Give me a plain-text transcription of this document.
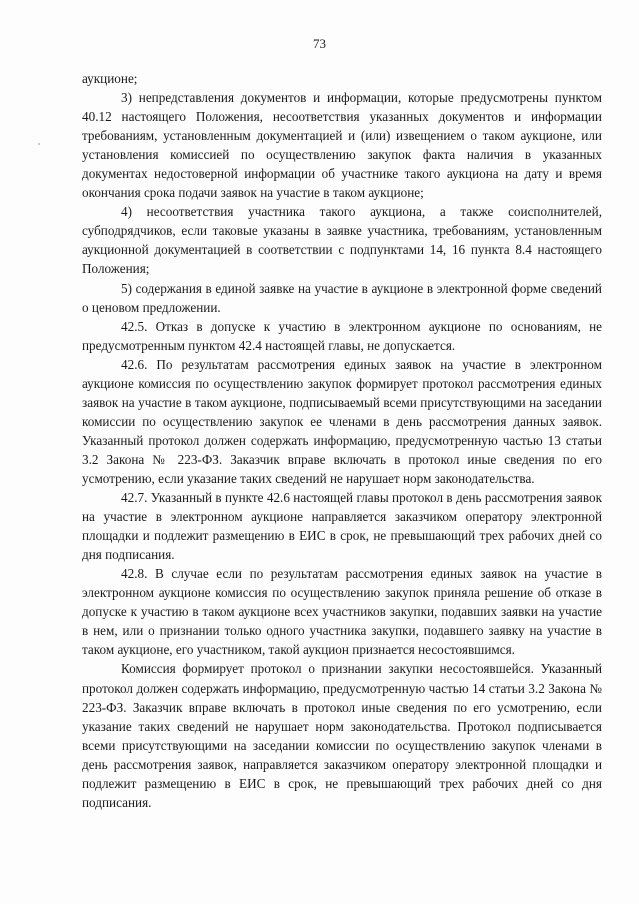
73

аукционе;

3) непредставления документов и информации, которые предусмотрены пунктом 40.12 настоящего Положения, несоответствия указанных документов и информации требованиям, установленным документацией и (или) извещением о таком аукционе, или установления комиссией по осуществлению закупок факта наличия в указанных документах недостоверной информации об участнике такого аукциона на дату и время окончания срока подачи заявок на участие в таком аукционе;

4) несоответствия участника такого аукциона, а также соисполнителей, субподрядчиков, если таковые указаны в заявке участника, требованиям, установленным аукционной документацией в соответствии с подпунктами 14, 16 пункта 8.4 настоящего Положения;

5) содержания в единой заявке на участие в аукционе в электронной форме сведений о ценовом предложении.

42.5. Отказ в допуске к участию в электронном аукционе по основаниям, не предусмотренным пунктом 42.4 настоящей главы, не допускается.

42.6. По результатам рассмотрения единых заявок на участие в электронном аукционе комиссия по осуществлению закупок формирует протокол рассмотрения единых заявок на участие в таком аукционе, подписываемый всеми присутствующими на заседании комиссии по осуществлению закупок ее членами в день рассмотрения данных заявок. Указанный протокол должен содержать информацию, предусмотренную частью 13 статьи 3.2 Закона № 223-ФЗ. Заказчик вправе включать в протокол иные сведения по его усмотрению, если указание таких сведений не нарушает норм законодательства.

42.7. Указанный в пункте 42.6 настоящей главы протокол в день рассмотрения заявок на участие в электронном аукционе направляется заказчиком оператору электронной площадки и подлежит размещению в ЕИС в срок, не превышающий трех рабочих дней со дня подписания.

42.8. В случае если по результатам рассмотрения единых заявок на участие в электронном аукционе комиссия по осуществлению закупок приняла решение об отказе в допуске к участию в таком аукционе всех участников закупки, подавших заявки на участие в нем, или о признании только одного участника закупки, подавшего заявку на участие в таком аукционе, его участником, такой аукцион признается несостоявшимся.

Комиссия формирует протокол о признании закупки несостоявшейся. Указанный протокол должен содержать информацию, предусмотренную частью 14 статьи 3.2 Закона № 223-ФЗ. Заказчик вправе включать в протокол иные сведения по его усмотрению, если указание таких сведений не нарушает норм законодательства. Протокол подписывается всеми присутствующими на заседании комиссии по осуществлению закупок членами в день рассмотрения заявок, направляется заказчиком оператору электронной площадки и подлежит размещению в ЕИС в срок, не превышающий трех рабочих дней со дня подписания.
